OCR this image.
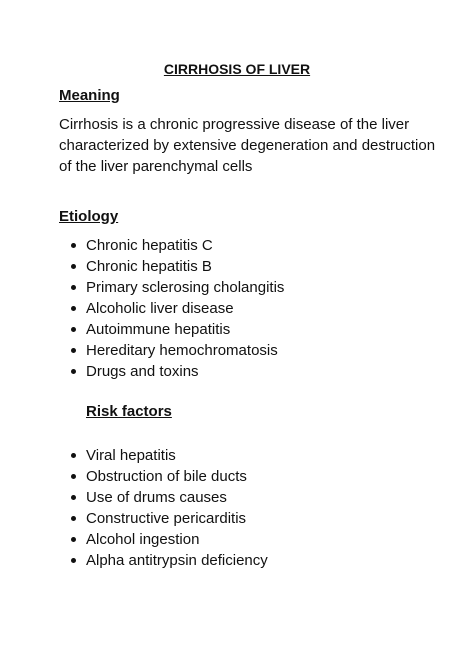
CIRRHOSIS OF LIVER
Meaning
Cirrhosis is a chronic progressive disease of the liver characterized by extensive degeneration and destruction of the liver parenchymal cells
Etiology
Chronic hepatitis C
Chronic hepatitis B
Primary sclerosing cholangitis
Alcoholic liver disease
Autoimmune hepatitis
Hereditary hemochromatosis
Drugs and toxins
Risk factors
Viral hepatitis
Obstruction of bile ducts
Use of drums causes
Constructive pericarditis
Alcohol ingestion
Alpha antitrypsin deficiency
